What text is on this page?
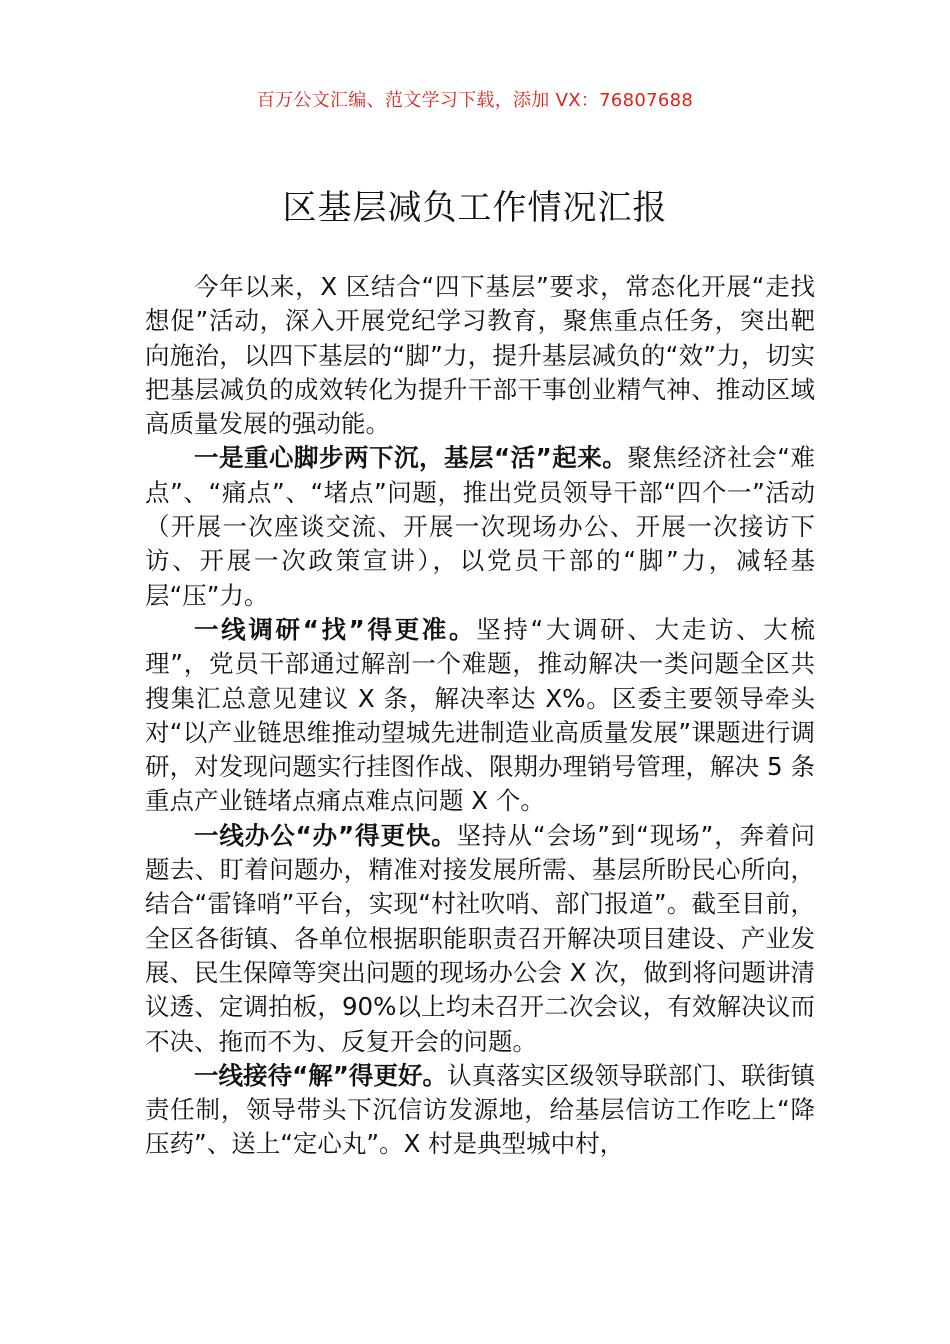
百万公文汇编、范文学习下载，添加 VX：76807688
区基层减负工作情况汇报

今年以来，X 区结合“四下基层”要求，常态化开展“走找想促”活动，深入开展党纪学习教育，聚焦重点任务，突出靶向施治，以四下基层的“脚”力，提升基层减负的“效”力，切实把基层减负的成效转化为提升干部干事创业精气神、推动区域高质量发展的强动能。

一是重心脚步两下沉，基层“活”起来。聚焦经济社会“难点”、“痛点”、“堵点”问题，推出党员领导干部“四个一”活动（开展一次座谈交流、开展一次现场办公、开展一次接访下访、开展一次政策宣讲），以党员干部的“脚”力，减轻基层“压”力。

一线调研“找”得更准。坚持“大调研、大走访、大梳理”，党员干部通过解剖一个难题，推动解决一类问题全区共搜集汇总意见建议 X 条，解决率达 X%。区委主要领导牵头对“以产业链思维推动望城先进制造业高质量发展”课题进行调研，对发现问题实行挂图作战、限期办理销号管理，解决 5 条重点产业链堵点痛点难点问题 X 个。

一线办公“办”得更快。坚持从“会场”到“现场”，奔着问题去、盯着问题办，精准对接发展所需、基层所盼民心所向，结合“雷锋哨”平台，实现“村社吹哨、部门报道”。截至目前，全区各街镇、各单位根据职能职责召开解决项目建设、产业发展、民生保障等突出问题的现场办公会 X 次，做到将问题讲清议透、定调拍板，90%以上均未召开二次会议，有效解决议而不决、拖而不为、反复开会的问题。

一线接待“解”得更好。认真落实区级领导联部门、联街镇责任制，领导带头下沉信访发源地，给基层信访工作吃上“降压药”、送上“定心丸”。X 村是典型城中村，
